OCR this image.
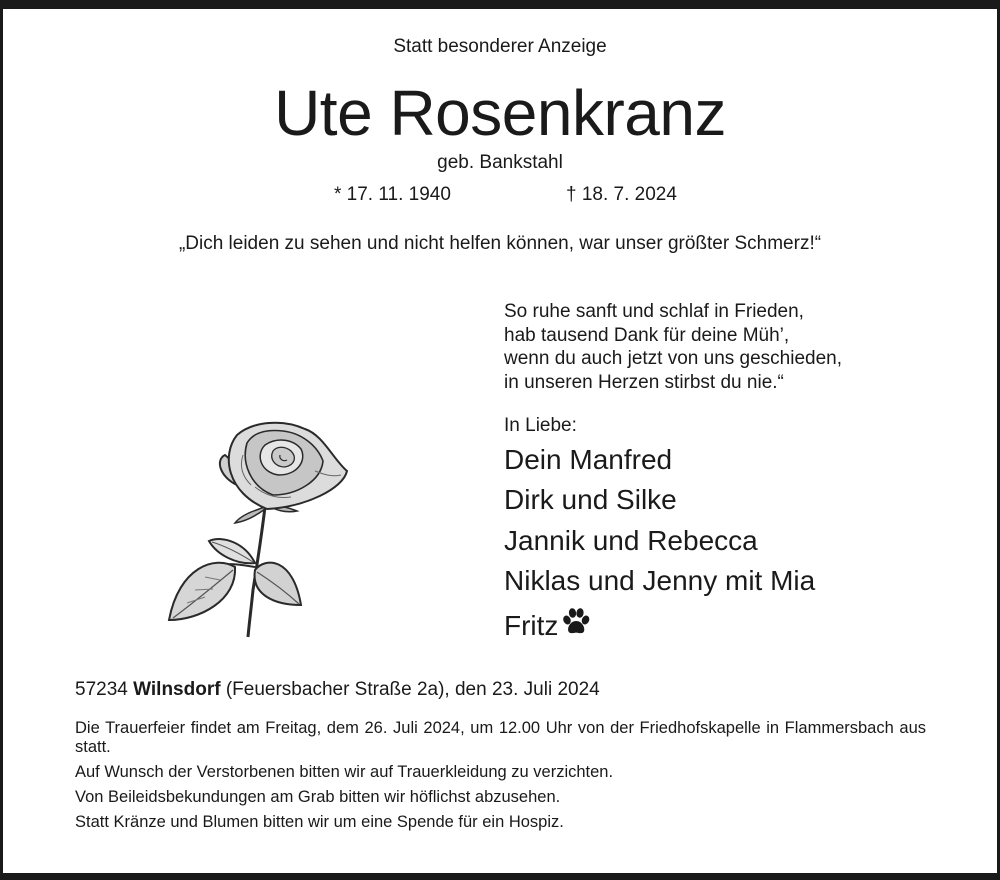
Statt besonderer Anzeige
Ute Rosenkranz
geb. Bankstahl
* 17. 11. 1940	† 18. 7. 2024
„Dich leiden zu sehen und nicht helfen können, war unser größter Schmerz!“
So ruhe sanft und schlaf in Frieden,
hab tausend Dank für deine Müh’,
wenn du auch jetzt von uns geschieden,
in unseren Herzen stirbst du nie.“
In Liebe:
Dein Manfred
Dirk und Silke
Jannik und Rebecca
Niklas und Jenny mit Mia
Fritz
57234 Wilnsdorf (Feuersbacher Straße 2a), den 23. Juli 2024
Die Trauerfeier findet am Freitag, dem 26. Juli 2024, um 12.00 Uhr von der Friedhofskapelle in Flammersbach aus statt.
Auf Wunsch der Verstorbenen bitten wir auf Trauerkleidung zu verzichten.
Von Beileidsbekundungen am Grab bitten wir höflichst abzusehen.
Statt Kränze und Blumen bitten wir um eine Spende für ein Hospiz.
